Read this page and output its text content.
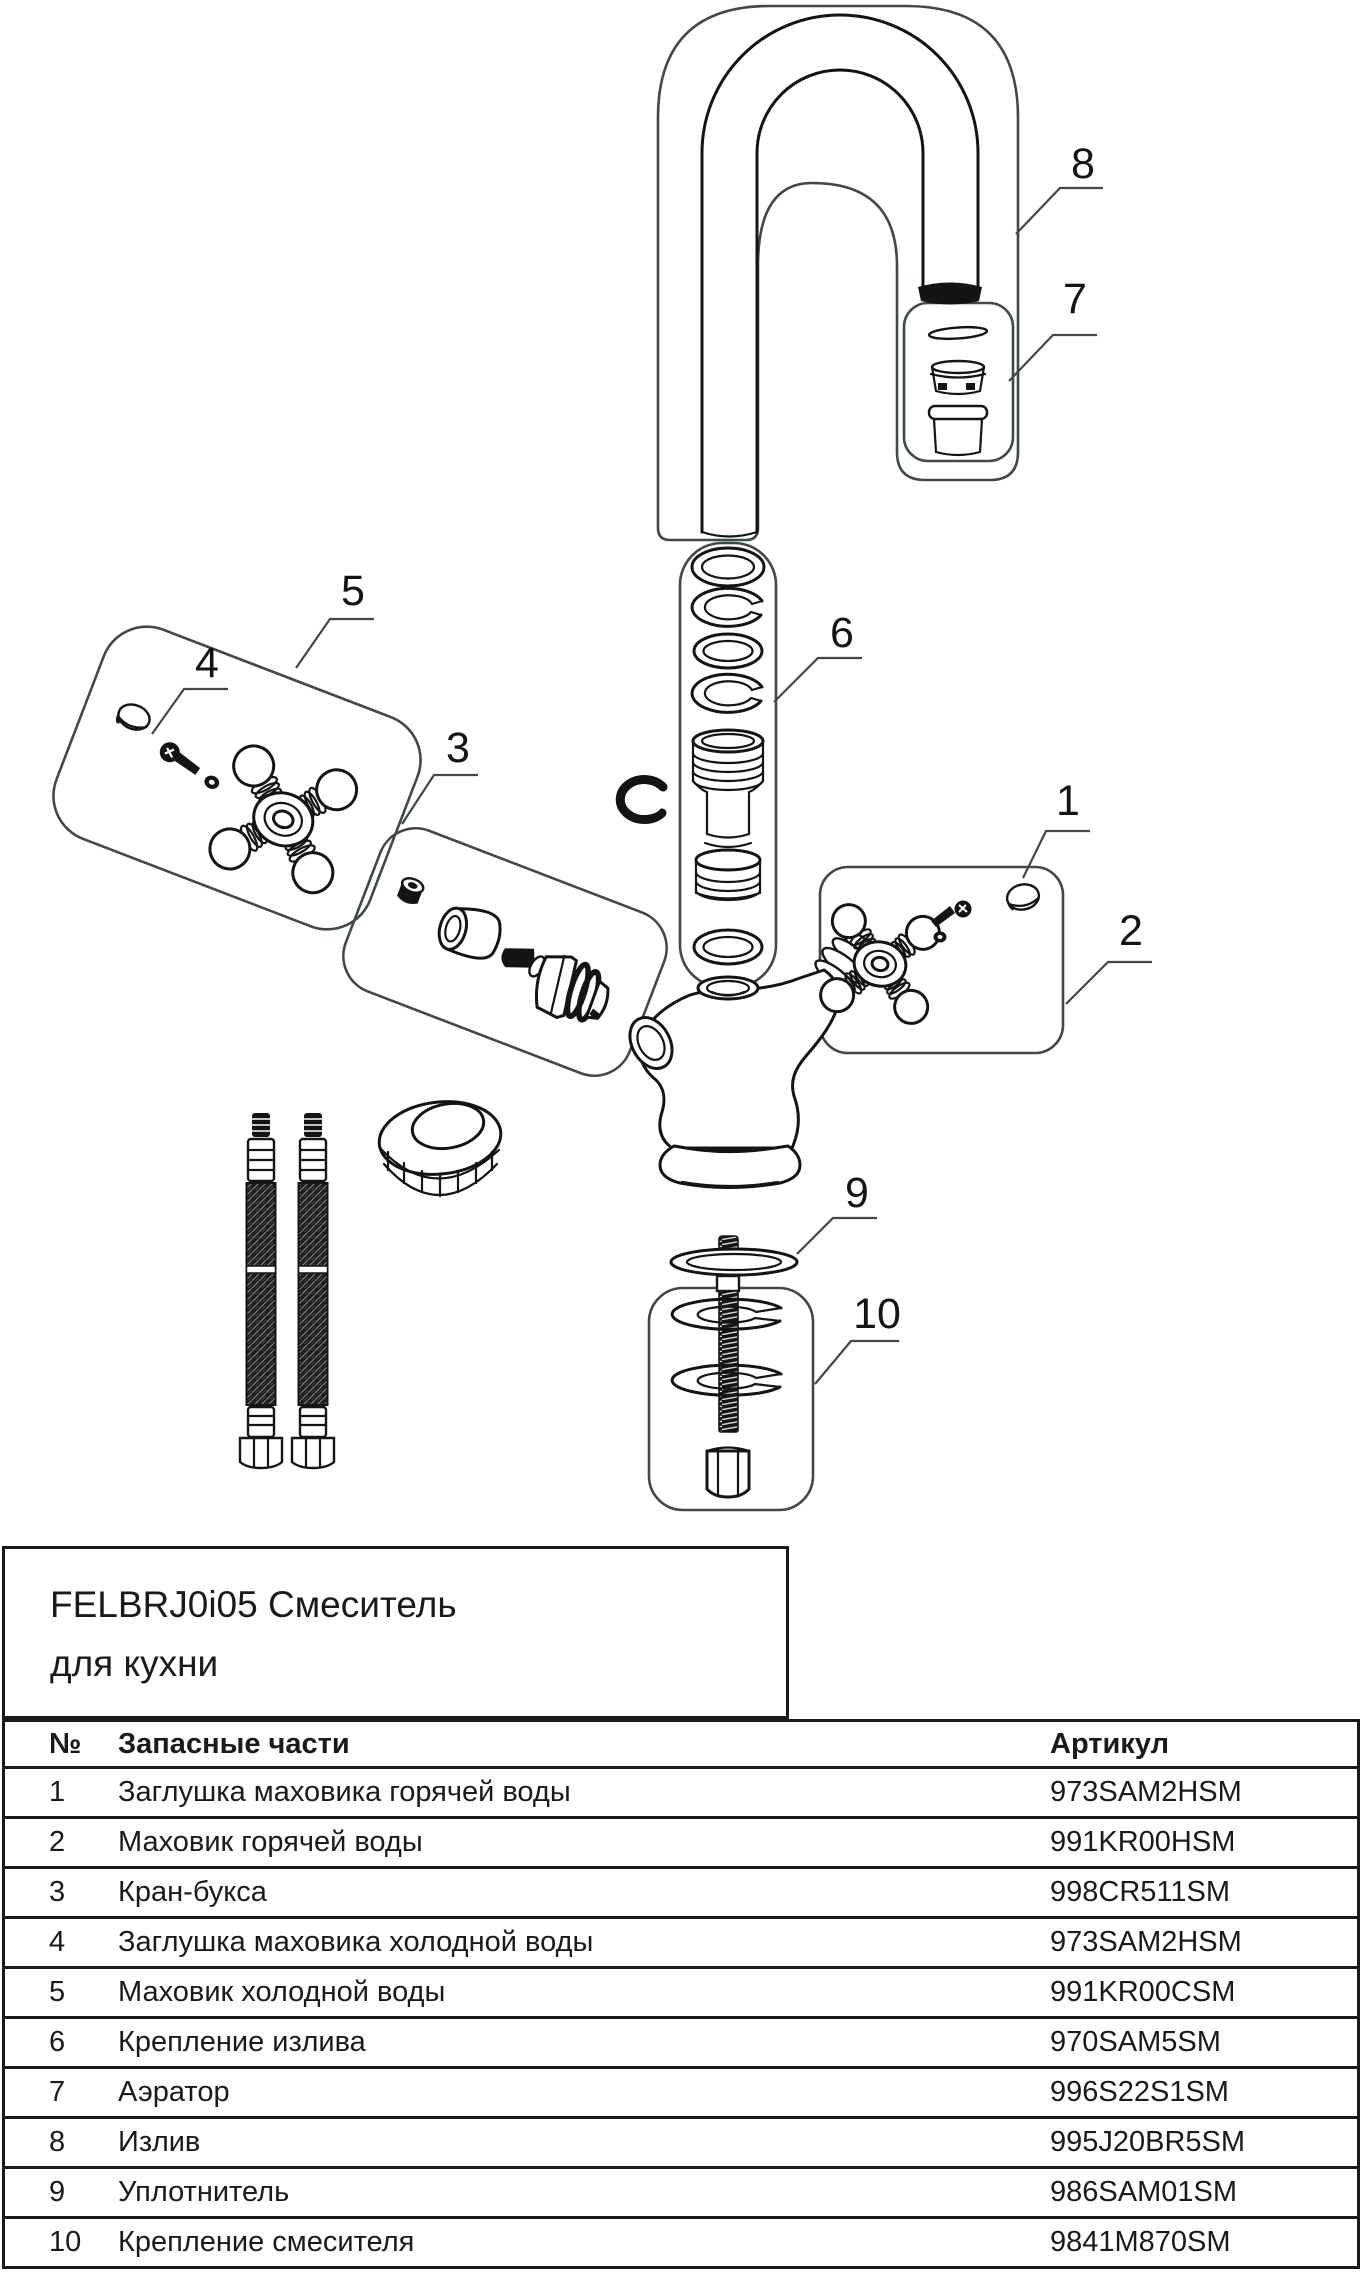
1
2
3
4
5
6
7
8
9
10
FELBRJ0i05 Смеситель
для кухни
№	Запасные части	Артикул
1	Заглушка маховика горячей воды	973SAM2HSM
2	Маховик горячей воды	991KR00HSM
3	Кран-букса	998CR511SM
4	Заглушка маховика холодной воды	973SAM2HSM
5	Маховик холодной воды	991KR00CSM
6	Крепление излива	970SAM5SM
7	Аэратор	996S22S1SM
8	Излив	995J20BR5SM
9	Уплотнитель	986SAM01SM
10	Крепление смесителя	9841M870SM
